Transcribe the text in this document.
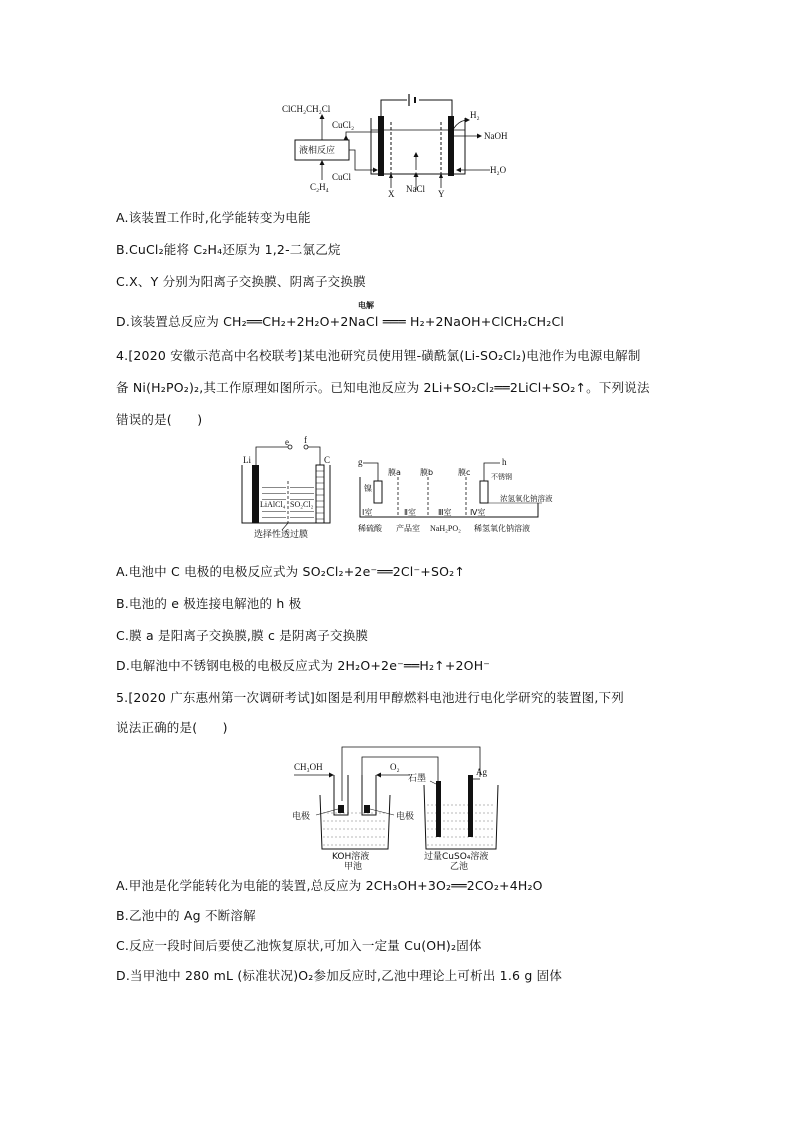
ClCH₂CH₂Cl
CuCl₂
液相反应
C₂H₄
CuCl
H₂
NaOH
H₂O
NaCl
X	Y
A.该装置工作时,化学能转变为电能
B.CuCl₂能将 C₂H₄还原为 1,2-二氯乙烷
C.X、Y 分别为阳离子交换膜、阴离子交换膜
D.该装置总反应为 CH₂══CH₂+2H₂O+2NaCl ═══ H₂+2NaOH+ClCH₂CH₂Cl
电解
4.[2020 安徽示范高中名校联考]某电池研究员使用锂-磺酰氯(Li-SO₂Cl₂)电池作为电源电解制
备 Ni(H₂PO₂)₂,其工作原理如图所示。已知电池反应为 2Li+SO₂Cl₂══2LiCl+SO₂↑。下列说法
错误的是(　　)
e f
Li	C
LiAlCl₄ SO₂Cl₂
选择性透过膜
g	h
镍
膜a 膜b	膜c	不锈钢
Ⅰ室	Ⅱ室	Ⅲ室 Ⅳ室
浓氢氧化钠溶液
稀硫酸 产品室 NaH₂PO₂ 稀氢氧化钠溶液
A.电池中 C 电极的电极反应式为 SO₂Cl₂+2e⁻══2Cl⁻+SO₂↑
B.电池的 e 极连接电解池的 h 极
C.膜 a 是阳离子交换膜,膜 c 是阴离子交换膜
D.电解池中不锈钢电极的电极反应式为 2H₂O+2e⁻══H₂↑+2OH⁻
5.[2020 广东惠州第一次调研考试]如图是利用甲醇燃料电池进行电化学研究的装置图,下列
说法正确的是(　　)
CH₃OH	O₂
石墨
Ag
电极	电极
KOH溶液
甲池
过量CuSO₄溶液
乙池
A.甲池是化学能转化为电能的装置,总反应为 2CH₃OH+3O₂══2CO₂+4H₂O
B.乙池中的 Ag 不断溶解
C.反应一段时间后要使乙池恢复原状,可加入一定量 Cu(OH)₂固体
D.当甲池中 280 mL (标准状况)O₂参加反应时,乙池中理论上可析出 1.6 g 固体
